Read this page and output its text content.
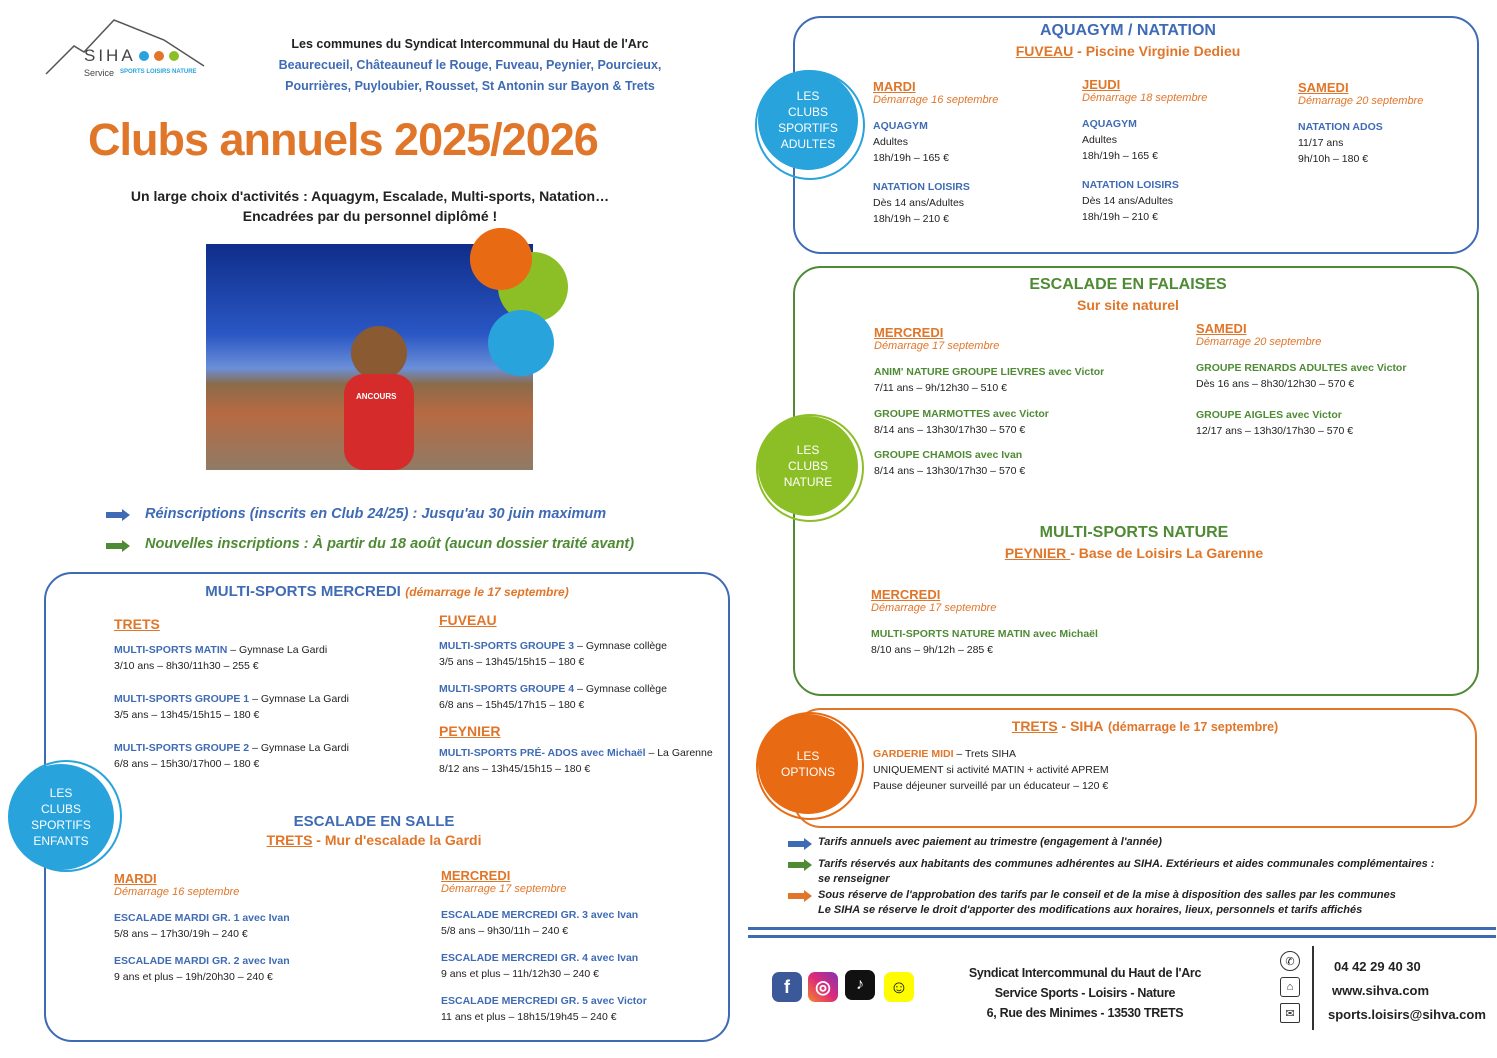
SIHA
Service SPORTS LOISIRS NATURE
Les communes du Syndicat Intercommunal du Haut de l'Arc
Beaurecueil, Châteauneuf le Rouge, Fuveau, Peynier, Pourcieux,
Pourrières, Puyloubier, Rousset, St Antonin sur Bayon & Trets
Clubs annuels 2025/2026
Un large choix d'activités : Aquagym, Escalade, Multi-sports, Natation…
Encadrées par du personnel diplômé !
ANCOURS
Réinscriptions (inscrits en Club 24/25) : Jusqu'au 30 juin maximum
Nouvelles inscriptions : À partir du 18 août (aucun dossier traité avant)
MULTI-SPORTS MERCREDI (démarrage le 17 septembre)
TRETS
MULTI-SPORTS MATIN – Gymnase La Gardi
3/10 ans – 8h30/11h30 – 255 €
MULTI-SPORTS GROUPE 1 – Gymnase La Gardi
3/5 ans – 13h45/15h15 – 180 €
MULTI-SPORTS GROUPE 2 – Gymnase La Gardi
6/8 ans – 15h30/17h00 – 180 €
FUVEAU
MULTI-SPORTS GROUPE 3 – Gymnase collège
3/5 ans – 13h45/15h15 – 180 €
MULTI-SPORTS GROUPE 4 – Gymnase collège
6/8 ans – 15h45/17h15 – 180 €
PEYNIER
MULTI-SPORTS PRÉ- ADOS avec Michaël – La Garenne
8/12 ans – 13h45/15h15 – 180 €
ESCALADE EN SALLE
TRETS - Mur d'escalade la Gardi
MARDI
Démarrage 16 septembre
ESCALADE MARDI GR. 1 avec Ivan
5/8 ans – 17h30/19h – 240 €
ESCALADE MARDI GR. 2 avec Ivan
9 ans et plus – 19h/20h30 – 240 €
MERCREDI
Démarrage 17 septembre
ESCALADE MERCREDI GR. 3 avec Ivan
5/8 ans – 9h30/11h – 240 €
ESCALADE MERCREDI GR. 4 avec Ivan
9 ans et plus – 11h/12h30 – 240 €
ESCALADE MERCREDI GR. 5 avec Victor
11 ans et plus – 18h15/19h45 – 240 €
LES
CLUBS
SPORTIFS
ENFANTS
AQUAGYM / NATATION
FUVEAU - Piscine Virginie Dedieu
MARDI
Démarrage 16 septembre
AQUAGYM
Adultes
18h/19h – 165 €
NATATION LOISIRS
Dès 14 ans/Adultes
18h/19h – 210 €
JEUDI
Démarrage 18 septembre
AQUAGYM
Adultes
18h/19h – 165 €
NATATION LOISIRS
Dès 14 ans/Adultes
18h/19h – 210 €
SAMEDI
Démarrage 20 septembre
NATATION ADOS
11/17 ans
9h/10h – 180 €
LES
CLUBS
SPORTIFS
ADULTES
ESCALADE EN FALAISES
Sur site naturel
MERCREDI
Démarrage 17 septembre
ANIM' NATURE GROUPE LIEVRES avec Victor
7/11 ans – 9h/12h30 – 510 €
GROUPE MARMOTTES avec Victor
8/14 ans – 13h30/17h30 – 570 €
GROUPE CHAMOIS avec Ivan
8/14 ans – 13h30/17h30 – 570 €
SAMEDI
Démarrage 20 septembre
GROUPE RENARDS ADULTES avec Victor
Dès 16 ans – 8h30/12h30 – 570 €
GROUPE AIGLES avec Victor
12/17 ans – 13h30/17h30 – 570 €
MULTI-SPORTS NATURE
PEYNIER - Base de Loisirs La Garenne
MERCREDI
Démarrage 17 septembre
MULTI-SPORTS NATURE MATIN avec Michaël
8/10 ans – 9h/12h – 285 €
LES
CLUBS
NATURE
TRETS - SIHA (démarrage le 17 septembre)
GARDERIE MIDI – Trets SIHA
UNIQUEMENT si activité MATIN + activité APREM
Pause déjeuner surveillé par un éducateur – 120 €
LES
OPTIONS
Tarifs annuels avec paiement au trimestre (engagement à l'année)
Tarifs réservés aux habitants des communes adhérentes au SIHA. Extérieurs et aides communales complémentaires :
se renseigner
Sous réserve de l'approbation des tarifs par le conseil et de la mise à disposition des salles par les communes
Le SIHA se réserve le droit d'apporter des modifications aux horaires, lieux, personnels et tarifs affichés
f	◎	♪	☺
Syndicat Intercommunal du Haut de l'Arc
Service Sports - Loisirs - Nature
6, Rue des Minimes - 13530 TRETS
✆
⌂
✉
04 42 29 40 30
www.sihva.com
sports.loisirs@sihva.com
